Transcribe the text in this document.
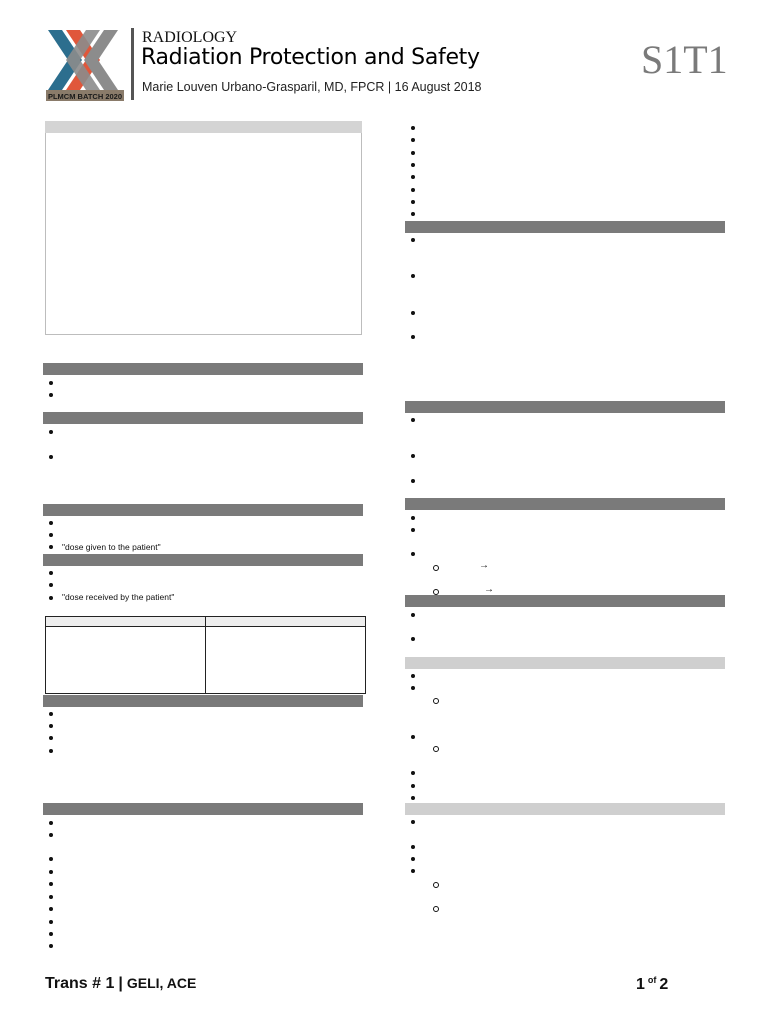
PLMCM BATCH 2020
RADIOLOGY
Radiation Protection and Safety
Marie Louven Urbano-Grasparil, MD, FPCR | 16 August 2018
S1T1
"dose given to the patient"
"dose received by the patient"
→
→
Trans # 1 | GELI, ACE	1 $^{of}$ 2
